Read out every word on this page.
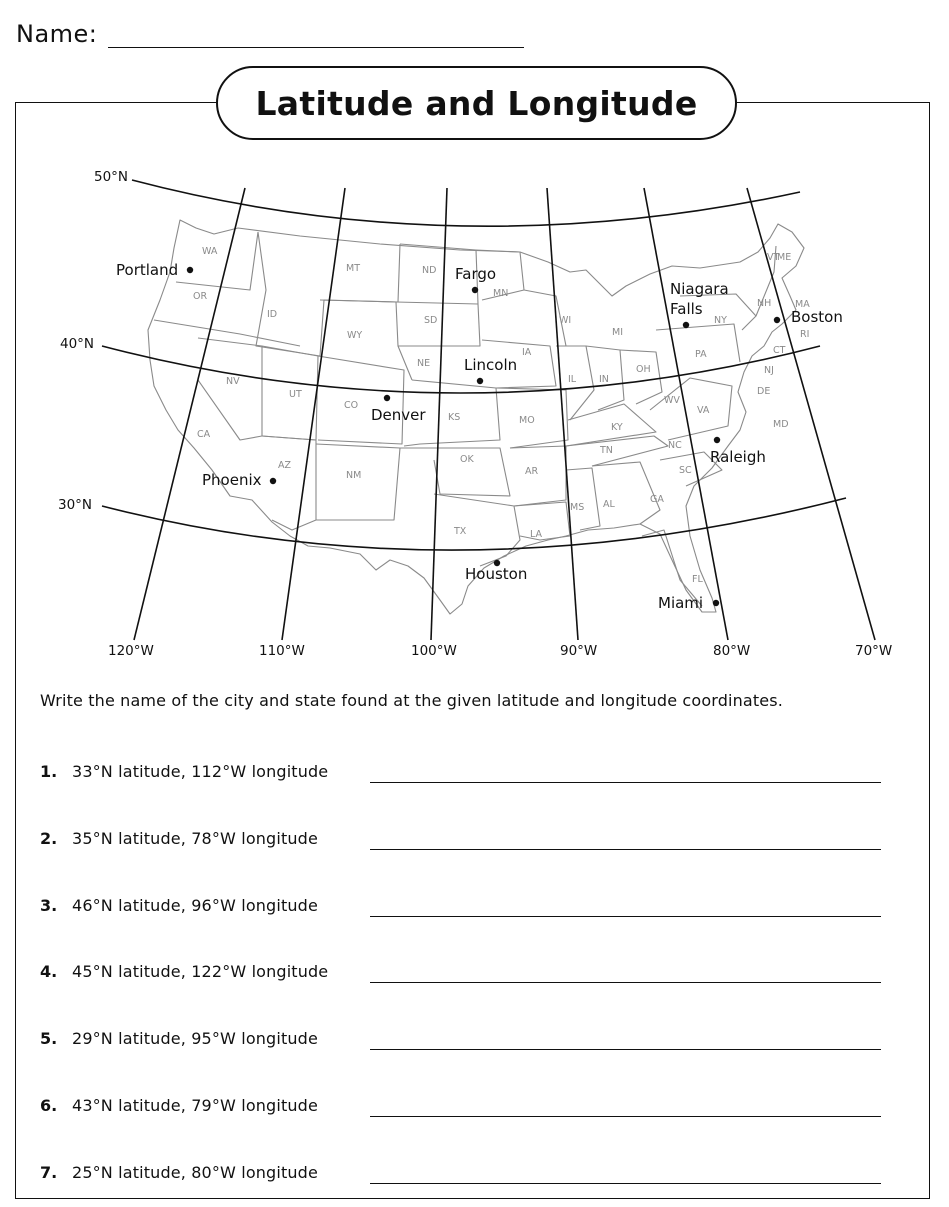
Name:
WA
OR
ID
MT
WY
ND
SD
NE
MN
IA
WI
MI
IL IN
OH
PA
NY
VT
NH
ME
MA
RI
CT
NJ
DE
MD
VA
WV
KY
TN	NC
SC
GA
AL
MS
LA
AR
MO
KS
OK
TX
NM
AZ
CO
UT
NV
CA
FL
50°N
40°N
30°N
120°W	110°W	100°W	90°W	80°W	70°W
Portland	Fargo
Niagara
Falls	Boston
Lincoln
Denver
Raleigh
Phoenix
Houston
Miami
Latitude and Longitude
Write the name of the city and state found at the given latitude and longitude coordinates.
1. 33°N latitude, 112°W longitude
2. 35°N latitude, 78°W longitude
3. 46°N latitude, 96°W longitude
4. 45°N latitude, 122°W longitude
5. 29°N latitude, 95°W longitude
6. 43°N latitude, 79°W longitude
7. 25°N latitude, 80°W longitude
